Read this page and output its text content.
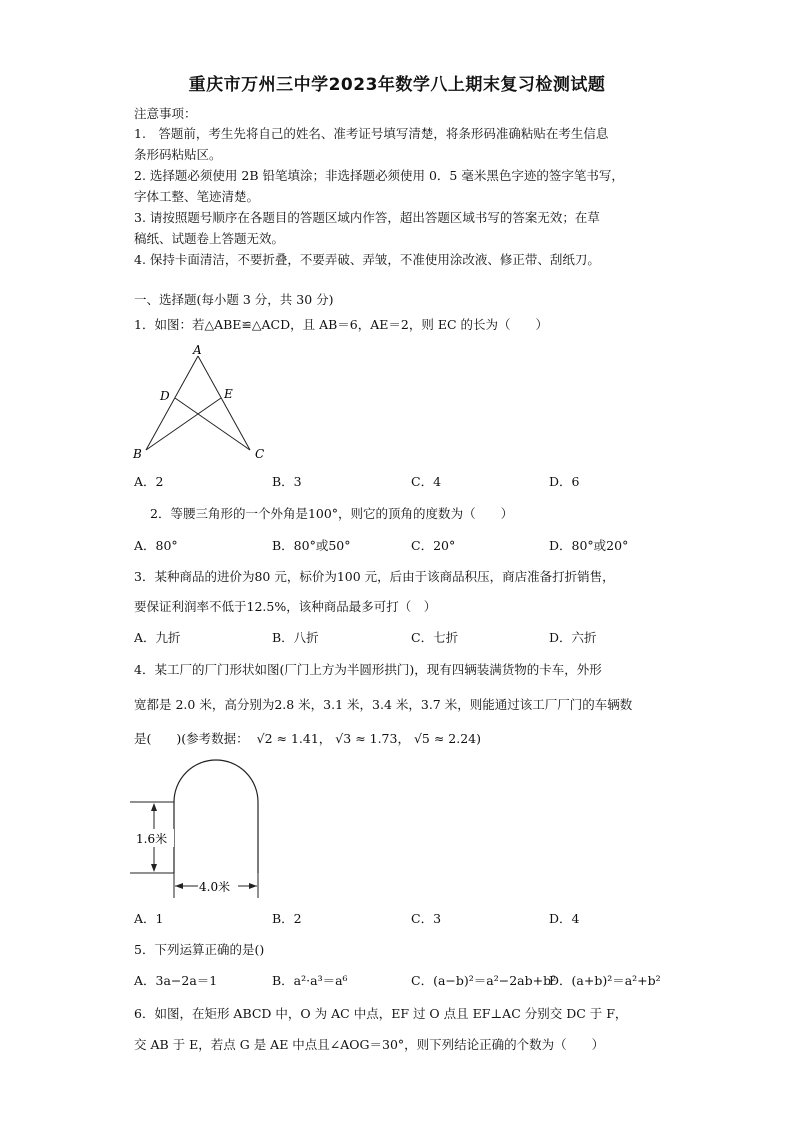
重庆市万州三中学2023年数学八上期末复习检测试题
注意事项：
1.　答题前，考生先将自己的姓名、准考证号填写清楚，将条形码准确粘贴在考生信息
条形码粘贴区。
2. 选择题必须使用 2B 铅笔填涂；非选择题必须使用 0．5 毫米黑色字迹的签字笔书写，
字体工整、笔迹清楚。
3. 请按照题号顺序在各题目的答题区域内作答，超出答题区域书写的答案无效；在草
稿纸、试题卷上答题无效。
4. 保持卡面清洁，不要折叠，不要弄破、弄皱，不准使用涂改液、修正带、刮纸刀。
一、选择题(每小题 3 分，共 30 分)
1．如图：若△ABE≌△ACD，且 AB＝6，AE＝2，则 EC 的长为（　　）
A
D	E
B	C
A．2	B．3	C．4	D．6
2．等腰三角形的一个外角是100°，则它的顶角的度数为（　　）
A．80°	B．80°或50°	C．20°	D．80°或20°
3．某种商品的进价为80 元，标价为100 元，后由于该商品积压，商店准备打折销售，
要保证利润率不低于12.5%，该种商品最多可打（　）
A．九折	B．八折	C．七折	D．六折
4．某工厂的厂门形状如图(厂门上方为半圆形拱门)，现有四辆装满货物的卡车，外形
宽都是 2.0 米，高分别为2.8 米，3.1 米，3.4 米，3.7 米，则能通过该工厂厂门的车辆数
是(　　)(参考数据： √2 ≈ 1.41， √3 ≈ 1.73， √5 ≈ 2.24)
1.6米
4.0米
A．1	B．2	C．3	D．4
5．下列运算正确的是()
A．3a−2a＝1	B．a²·a³＝a⁶	C．(a−b)²＝a²−2ab+b²
D．(a+b)²＝a²+b²
6．如图，在矩形 ABCD 中，O 为 AC 中点，EF 过 O 点且 EF⊥AC 分别交 DC 于 F，
交 AB 于 E，若点 G 是 AE 中点且∠AOG＝30°，则下列结论正确的个数为（　　）
